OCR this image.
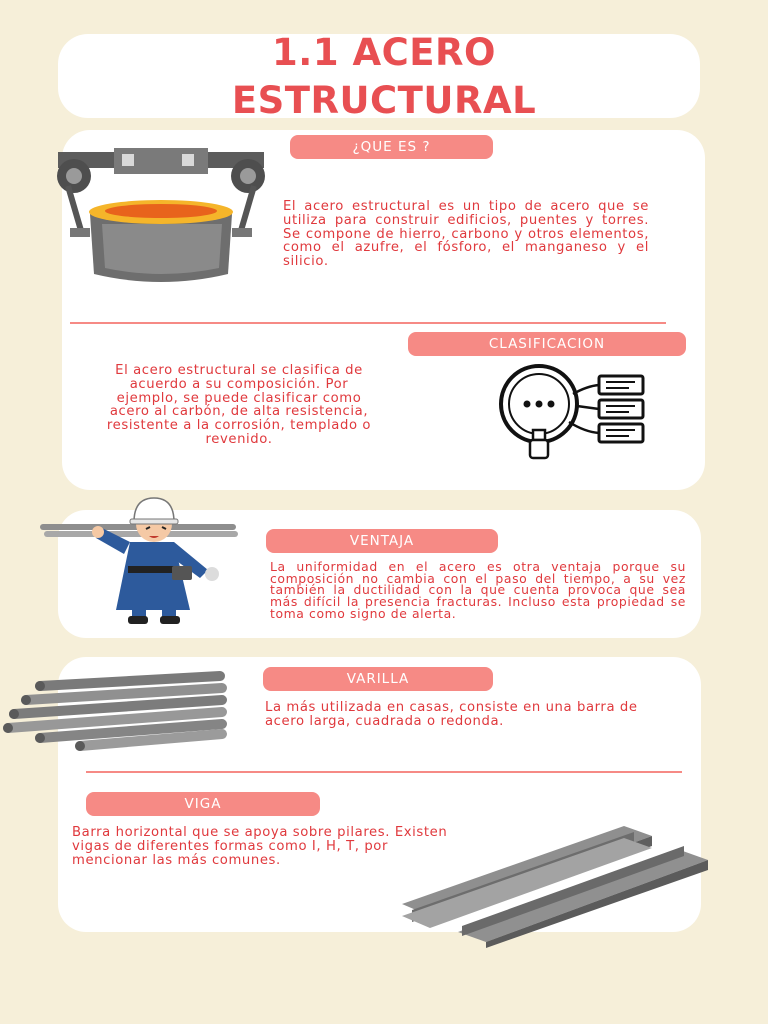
1.1 ACERO
ESTRUCTURAL
¿QUE ES ?

El acero estructural es un tipo de acero que se utiliza para construir edificios, puentes y torres. Se compone de hierro, carbono y otros elementos, como el azufre, el fósforo, el manganeso y el silicio.

CLASIFICACION

El acero estructural se clasifica de acuerdo a su composición. Por ejemplo, se puede clasificar como acero al carbón, de alta resistencia, resistente a la corrosión, templado o revenido.

VENTAJA

La uniformidad en el acero es otra ventaja porque su composición no cambia con el paso del tiempo, a su vez también la ductilidad con la que cuenta provoca que sea más difícil la presencia fracturas. Incluso esta propiedad se toma como signo de alerta.

VARILLA

La más utilizada en casas, consiste en una barra de acero larga, cuadrada o redonda.

VIGA

Barra horizontal que se apoya sobre pilares. Existen vigas de diferentes formas como I, H, T, por mencionar las más comunes.
